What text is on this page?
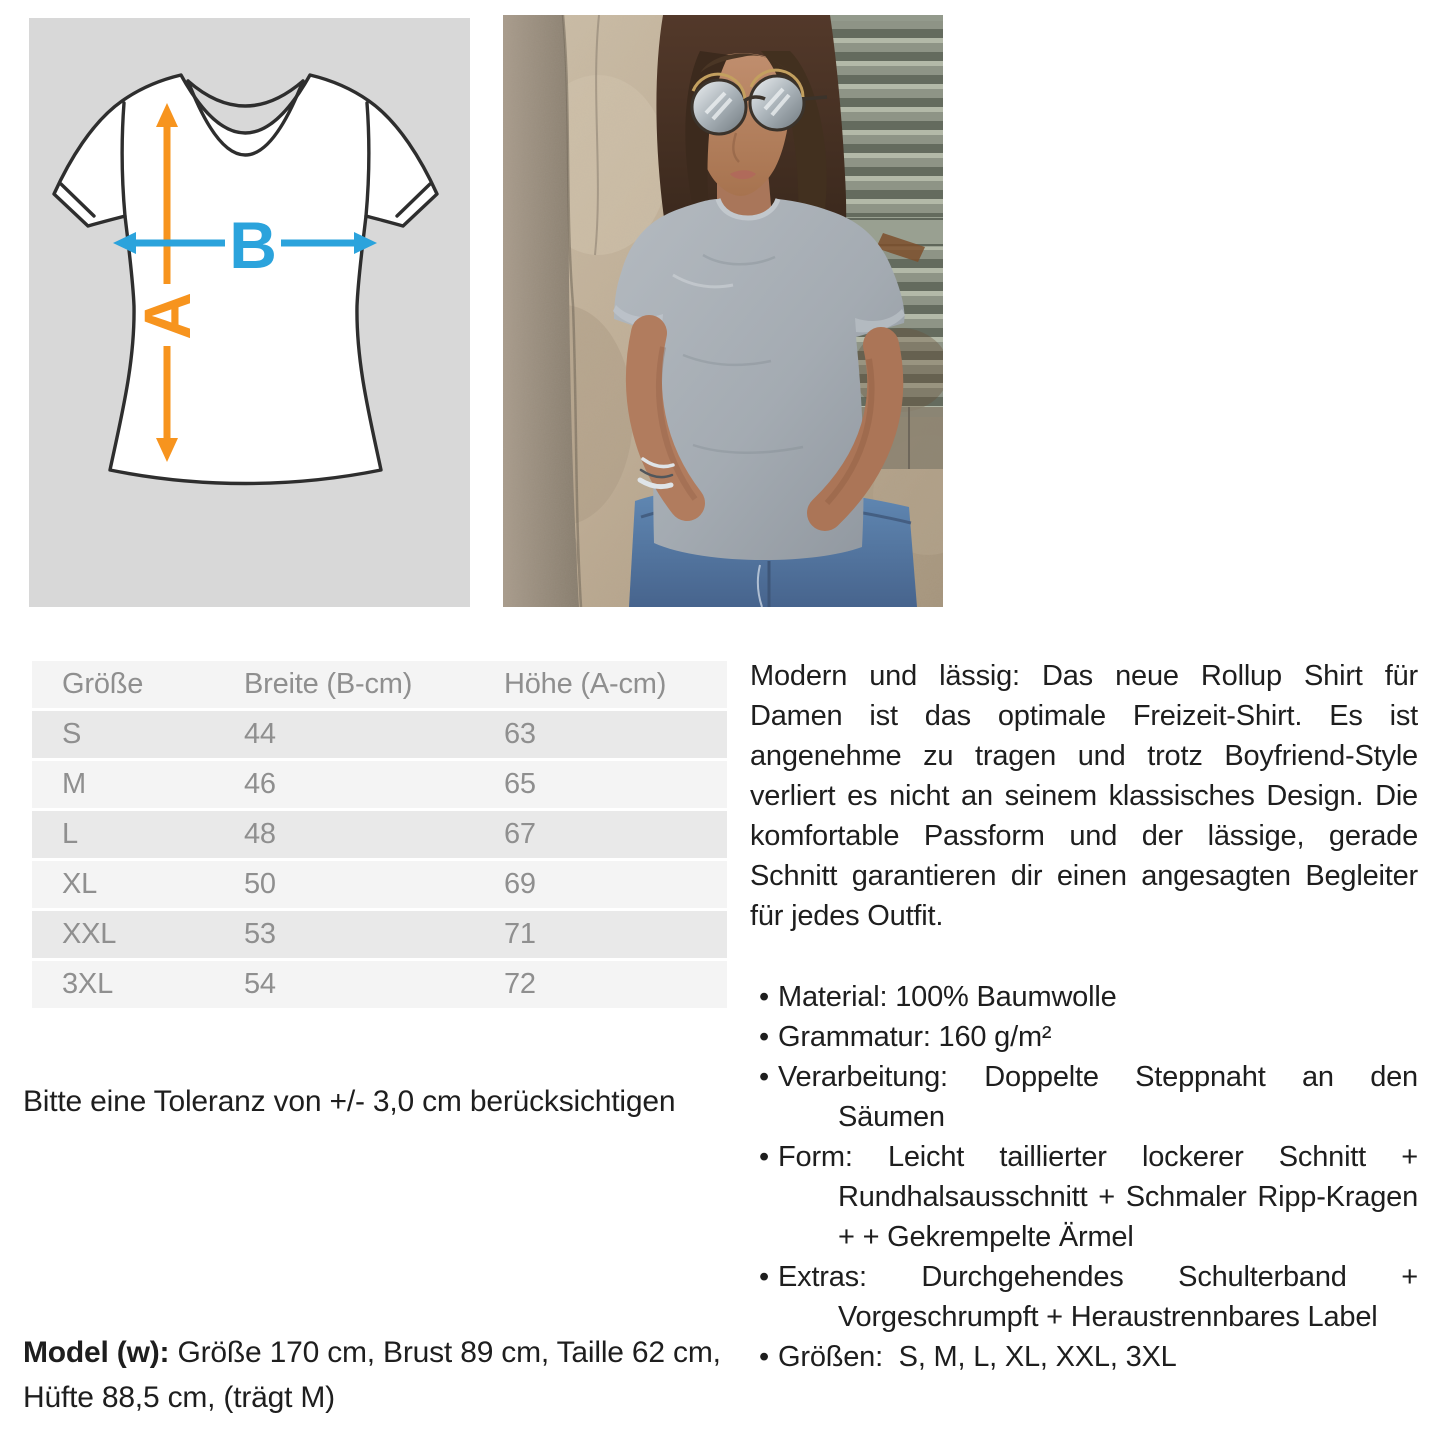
A
B
Größe	Breite (B-cm)	Höhe (A-cm)
S	44	63
M	46	65
L	48	67
XL	50	69
XXL	53	71
3XL	54	72
Bitte eine Toleranz von +/- 3,0 cm berücksichtigen

Modern und lässig: Das neue Rollup Shirt für Damen ist das optimale Freizeit-Shirt. Es ist angenehme zu tragen und trotz Boyfriend-Style verliert es nicht an seinem klassisches Design. Die komfortable Passform und der lässige, gerade Schnitt garantieren dir einen angesagten Begleiter für jedes Outfit.

• Material: 100% Baumwolle
• Grammatur: 160 g/m²
• Verarbeitung: Doppelte Steppnaht an den Säumen
• Form: Leicht taillierter lockerer Schnitt + Rundhalsausschnitt + Schmaler Ripp-Kragen + + Gekrempelte Ärmel
• Extras: Durchgehendes Schulterband + Vorgeschrumpft + Heraustrennbares Label
• Größen:  S, M, L, XL, XXL, 3XL
Model (w): Größe 170 cm, Brust 89 cm, Taille 62 cm, Hüfte 88,5 cm, (trägt M)
